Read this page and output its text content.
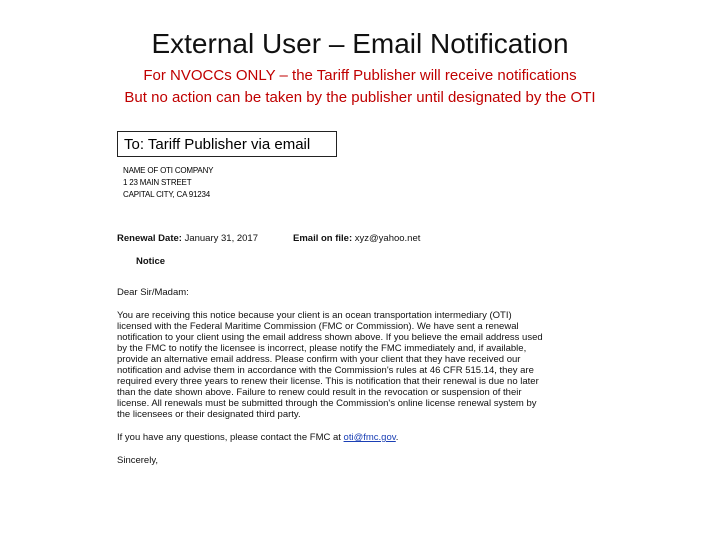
External User – Email Notification
For NVOCCs ONLY – the Tariff Publisher will receive notifications
But no action can be taken by the publisher until designated by the OTI
To: Tariff Publisher via email
NAME OF OTI COMPANY
1 23 MAIN STREET
CAPITAL CITY, CA 91234
Renewal Date: January 31, 2017	Email on file: xyz@yahoo.net
Notice
Dear Sir/Madam:
You are receiving this notice because your client is an ocean transportation intermediary (OTI)
licensed with the Federal Maritime Commission (FMC or Commission). We have sent a renewal
notification to your client using the email address shown above. If you believe the email address used
by the FMC to notify the licensee is incorrect, please notify the FMC immediately and, if available,
provide an alternative email address. Please confirm with your client that they have received our
notification and advise them in accordance with the Commission's rules at 46 CFR 515.14, they are
required every three years to renew their license. This is notification that their renewal is due no later
than the date shown above. Failure to renew could result in the revocation or suspension of their
license. All renewals must be submitted through the Commission's online license renewal system by
the licensees or their designated third party.
If you have any questions, please contact the FMC at oti@fmc.gov.
Sincerely,
